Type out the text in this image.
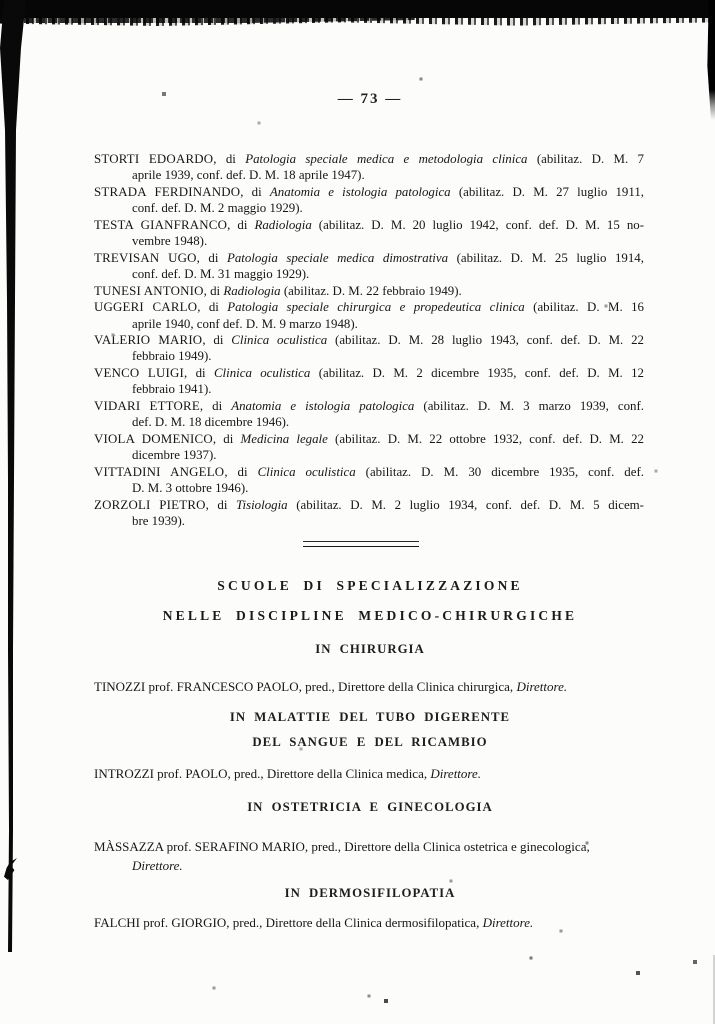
— 73 —
STORTI EDOARDO, di Patologia speciale medica e metodologia clinica (abilitaz. D. M. 7
aprile 1939, conf. def. D. M. 18 aprile 1947).
STRADA FERDINANDO, di Anatomia e istologia patologica (abilitaz. D. M. 27 luglio 1911,
conf. def. D. M. 2 maggio 1929).
TESTA GIANFRANCO, di Radiologia (abilitaz. D. M. 20 luglio 1942, conf. def. D. M. 15 no-
vembre 1948).
TREVISAN UGO, di Patologia speciale medica dimostrativa (abilitaz. D. M. 25 luglio 1914,
conf. def. D. M. 31 maggio 1929).
TUNESI ANTONIO, di Radiologia (abilitaz. D. M. 22 febbraio 1949).
UGGERI CARLO, di Patologia speciale chirurgica e propedeutica clinica (abilitaz. D. M. 16
aprile 1940, conf def. D. M. 9 marzo 1948).
VALERIO MARIO, di Clinica oculistica (abilitaz. D. M. 28 luglio 1943, conf. def. D. M. 22
febbraio 1949).
VENCO LUIGI, di Clinica oculistica (abilitaz. D. M. 2 dicembre 1935, conf. def. D. M. 12
febbraio 1941).
VIDARI ETTORE, di Anatomia e istologia patologica (abilitaz. D. M. 3 marzo 1939, conf.
def. D. M. 18 dicembre 1946).
VIOLA DOMENICO, di Medicina legale (abilitaz. D. M. 22 ottobre 1932, conf. def. D. M. 22
dicembre 1937).
VITTADINI ANGELO, di Clinica oculistica (abilitaz. D. M. 30 dicembre 1935, conf. def.
D. M. 3 ottobre 1946).
ZORZOLI PIETRO, di Tisiologia (abilitaz. D. M. 2 luglio 1934, conf. def. D. M. 5 dicem-
bre 1939).
SCUOLE DI SPECIALIZZAZIONE
NELLE DISCIPLINE MEDICO-CHIRURGICHE
IN CHIRURGIA
TINOZZI prof. FRANCESCO PAOLO, pred., Direttore della Clinica chirurgica, Direttore.
IN MALATTIE DEL TUBO DIGERENTE
DEL SANGUE E DEL RICAMBIO
INTROZZI prof. PAOLO, pred., Direttore della Clinica medica, Direttore.
IN OSTETRICIA E GINECOLOGIA
MÀSSAZZA prof. SERAFINO MARIO, pred., Direttore della Clinica ostetrica e ginecologica,
Direttore.
IN DERMOSIFILOPATIA
FALCHI prof. GIORGIO, pred., Direttore della Clinica dermosifilopatica, Direttore.
